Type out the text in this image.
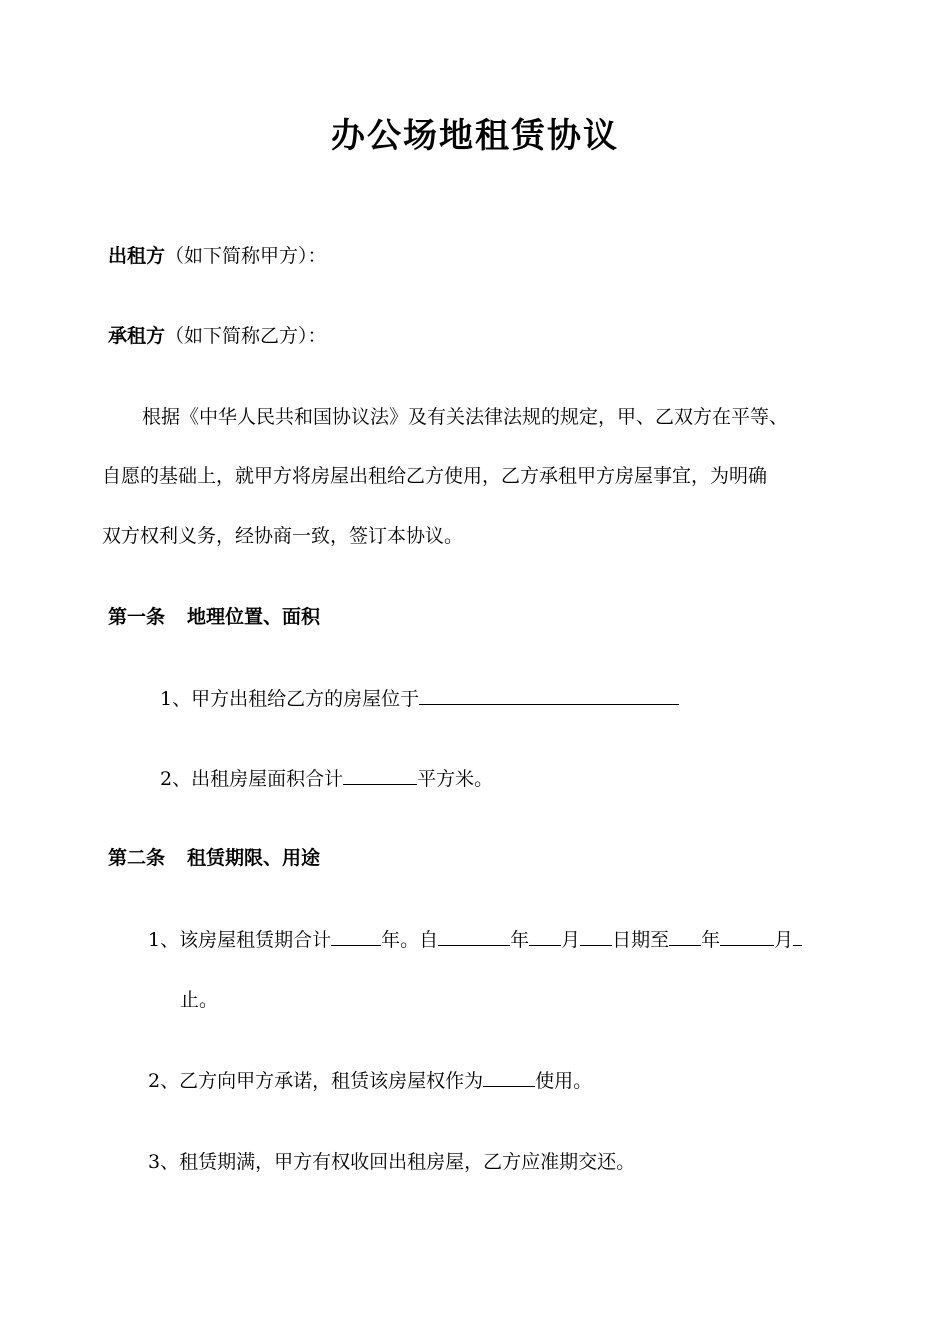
办公场地租赁协议
出租方（如下简称甲方）：
承租方（如下简称乙方）：
根据《中华人民共和国协议法》及有关法律法规的规定，甲、乙双方在平等、
自愿的基础上，就甲方将房屋出租给乙方使用，乙方承租甲方房屋事宜，为明确
双方权利义务，经协商一致，签订本协议。
第一条 地理位置、面积
1、甲方出租给乙方的房屋位于
2、出租房屋面积合计	平方米。
第二条 租赁期限、用途
1、该房屋租赁期合计	年。自	年 月 日期至 年	月
止。
2、乙方向甲方承诺，租赁该房屋权作为	使用。
3、租赁期满，甲方有权收回出租房屋，乙方应准期交还。
